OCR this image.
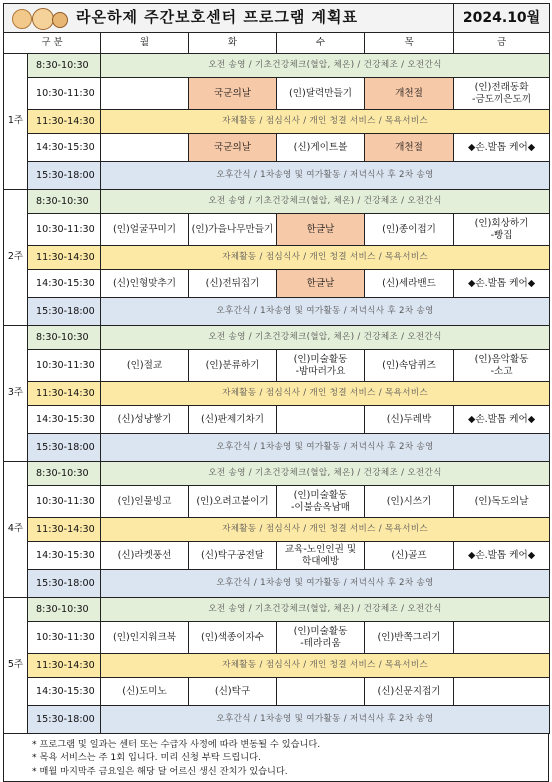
라온하제 주간보호센터 프로그램 계획표						2024.10월
구 분		월	화	수	목	금
1주	8:30-10:30	오전 송영 / 기초건강체크(혈압, 체온) / 건강체조 / 오전간식				
	10:30-11:30		국군의날	(인)달력만들기	개천절	(인)전래동화
-금도끼은도끼
	11:30-14:30	자체활동 / 점심식사 / 개인 청결 서비스 / 목욕서비스				
	14:30-15:30		국군의날	(신)게이트볼	개천절	◆손.발톱 케어◆
	15:30-18:00	오후간식 / 1차송영 및 여가활동 / 저녁식사 후 2차 송영				
2주	8:30-10:30	오전 송영 / 기초건강체크(혈압, 체온) / 건강체조 / 오전간식				
	10:30-11:30	(인)얼굴꾸미기	(인)가을나무만들기	한글날	(인)종이접기	(인)회상하기
-빵집
	11:30-14:30	자체활동 / 점심식사 / 개인 청결 서비스 / 목욕서비스				
	14:30-15:30	(신)인형맞추기	(신)전뒤집기	한글날	(신)세라밴드	◆손.발톱 케어◆
	15:30-18:00	오후간식 / 1차송영 및 여가활동 / 저녁식사 후 2차 송영				
3주	8:30-10:30	오전 송영 / 기초건강체크(혈압, 체온) / 건강체조 / 오전간식				
	10:30-11:30	(인)절교	(인)분류하기	(인)미술활동
-밤따러가요	(인)속담퀴즈	(인)음악활동
-소고
	11:30-14:30	자체활동 / 점심식사 / 개인 청결 서비스 / 목욕서비스				
	14:30-15:30	(신)성냥쌓기	(신)판제기차기		(신)두레박	◆손.발톱 케어◆
	15:30-18:00	오후간식 / 1차송영 및 여가활동 / 저녁식사 후 2차 송영				
4주	8:30-10:30	오전 송영 / 기초건강체크(혈압, 체온) / 건강체조 / 오전간식				
	10:30-11:30	(인)인물빙고	(인)오려고붙이기	(인)미술활동
-이불솜옥남매	(인)시쓰기	(인)독도의날
	11:30-14:30	자체활동 / 점심식사 / 개인 청결 서비스 / 목욕서비스				
	14:30-15:30	(신)라켓풍선	(신)탁구공전달	교육-노인인권 및
학대예방	(신)골프	◆손.발톱 케어◆
	15:30-18:00	오후간식 / 1차송영 및 여가활동 / 저녁식사 후 2차 송영				
5주	8:30-10:30	오전 송영 / 기초건강체크(혈압, 체온) / 건강체조 / 오전간식				
	10:30-11:30	(인)인지워크북	(인)색종이자수	(인)미술활동
-테라리움	(인)반쪽그리기	
	11:30-14:30	자체활동 / 점심식사 / 개인 청결 서비스 / 목욕서비스				
	14:30-15:30	(신)도미노	(신)탁구		(신)신문지접기	
	15:30-18:00	오후간식 / 1차송영 및 여가활동 / 저녁식사 후 2차 송영				
* 프로그램 및 일과는 센터 또는 수급자 사정에 따라 변동될 수 있습니다.
* 목욕 서비스는 주 1회 입니다. 미리 신청 부탁 드립니다.
* 매월 마지막주 금요일은 해당 달 어르신 생신 잔치가 있습니다.
